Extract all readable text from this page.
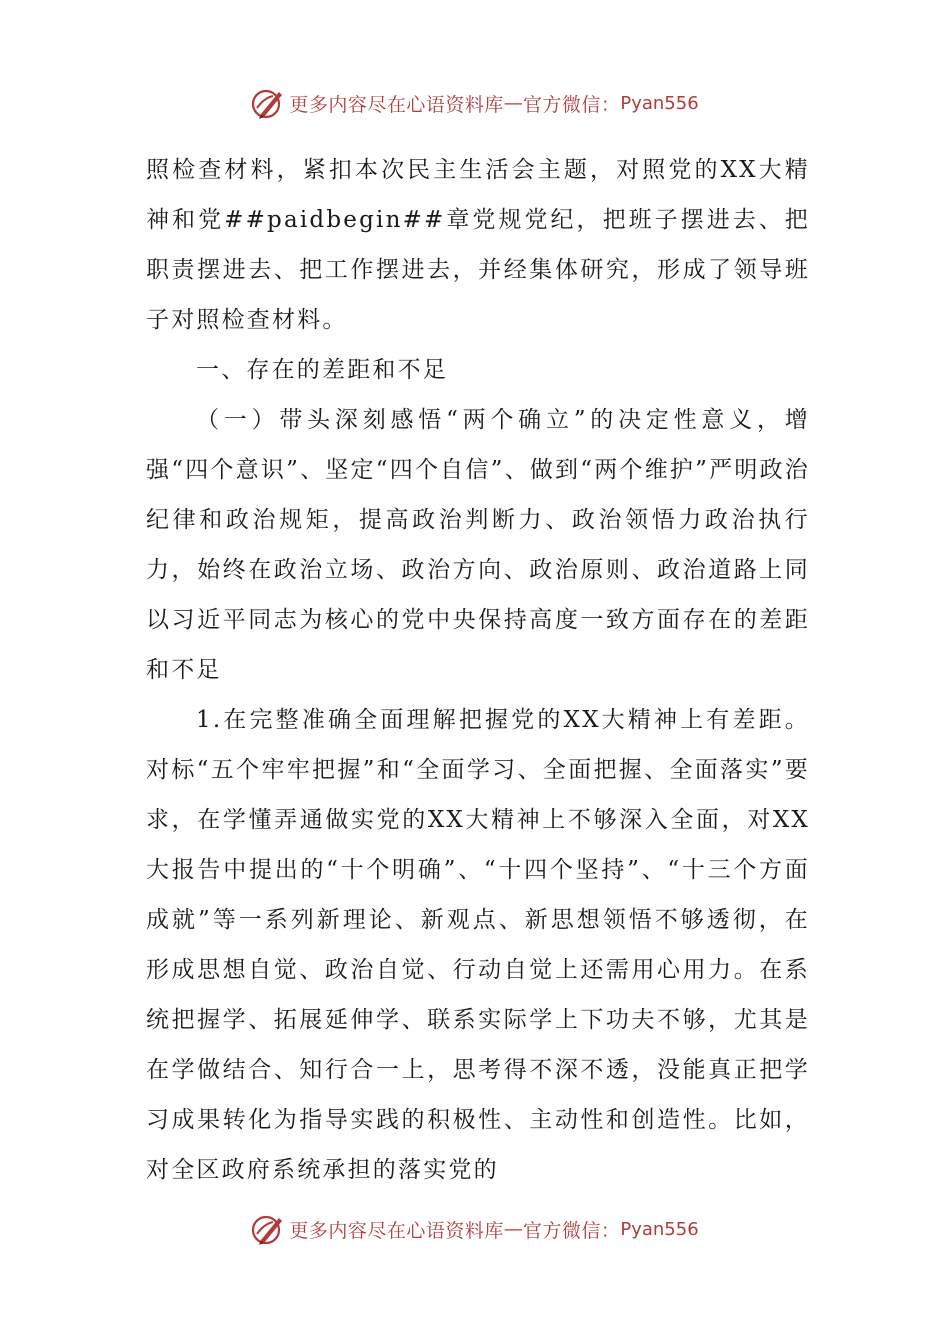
更多内容尽在心语资料库 — 官方微信： Pyan556

照检查材料，紧扣本次民主生活会主题，对照党的XX大精神和党##paidbegin##章党规党纪，把班子摆进去、把职责摆进去、把工作摆进去，并经集体研究，形成了领导班子对照检查材料。

一、存在的差距和不足

（一）带头深刻感悟“两个确立”的决定性意义，增强“四个意识”、坚定“四个自信”、做到“两个维护”严明政治纪律和政治规矩，提高政治判断力、政治领悟力政治执行力，始终在政治立场、政治方向、政治原则、政治道路上同以习近平同志为核心的党中央保持高度一致方面存在的差距和不足

1.在完整准确全面理解把握党的XX大精神上有差距。对标“五个牢牢把握”和“全面学习、全面把握、全面落实”要求，在学懂弄通做实党的XX大精神上不够深入全面，对XX大报告中提出的“十个明确”、“十四个坚持”、“十三个方面成就”等一系列新理论、新观点、新思想领悟不够透彻，在形成思想自觉、政治自觉、行动自觉上还需用心用力。在系统把握学、拓展延伸学、联系实际学上下功夫不够，尤其是在学做结合、知行合一上，思考得不深不透，没能真正把学习成果转化为指导实践的积极性、主动性和创造性。比如，对全区政府系统承担的落实党的

更多内容尽在心语资料库 — 官方微信： Pyan556
